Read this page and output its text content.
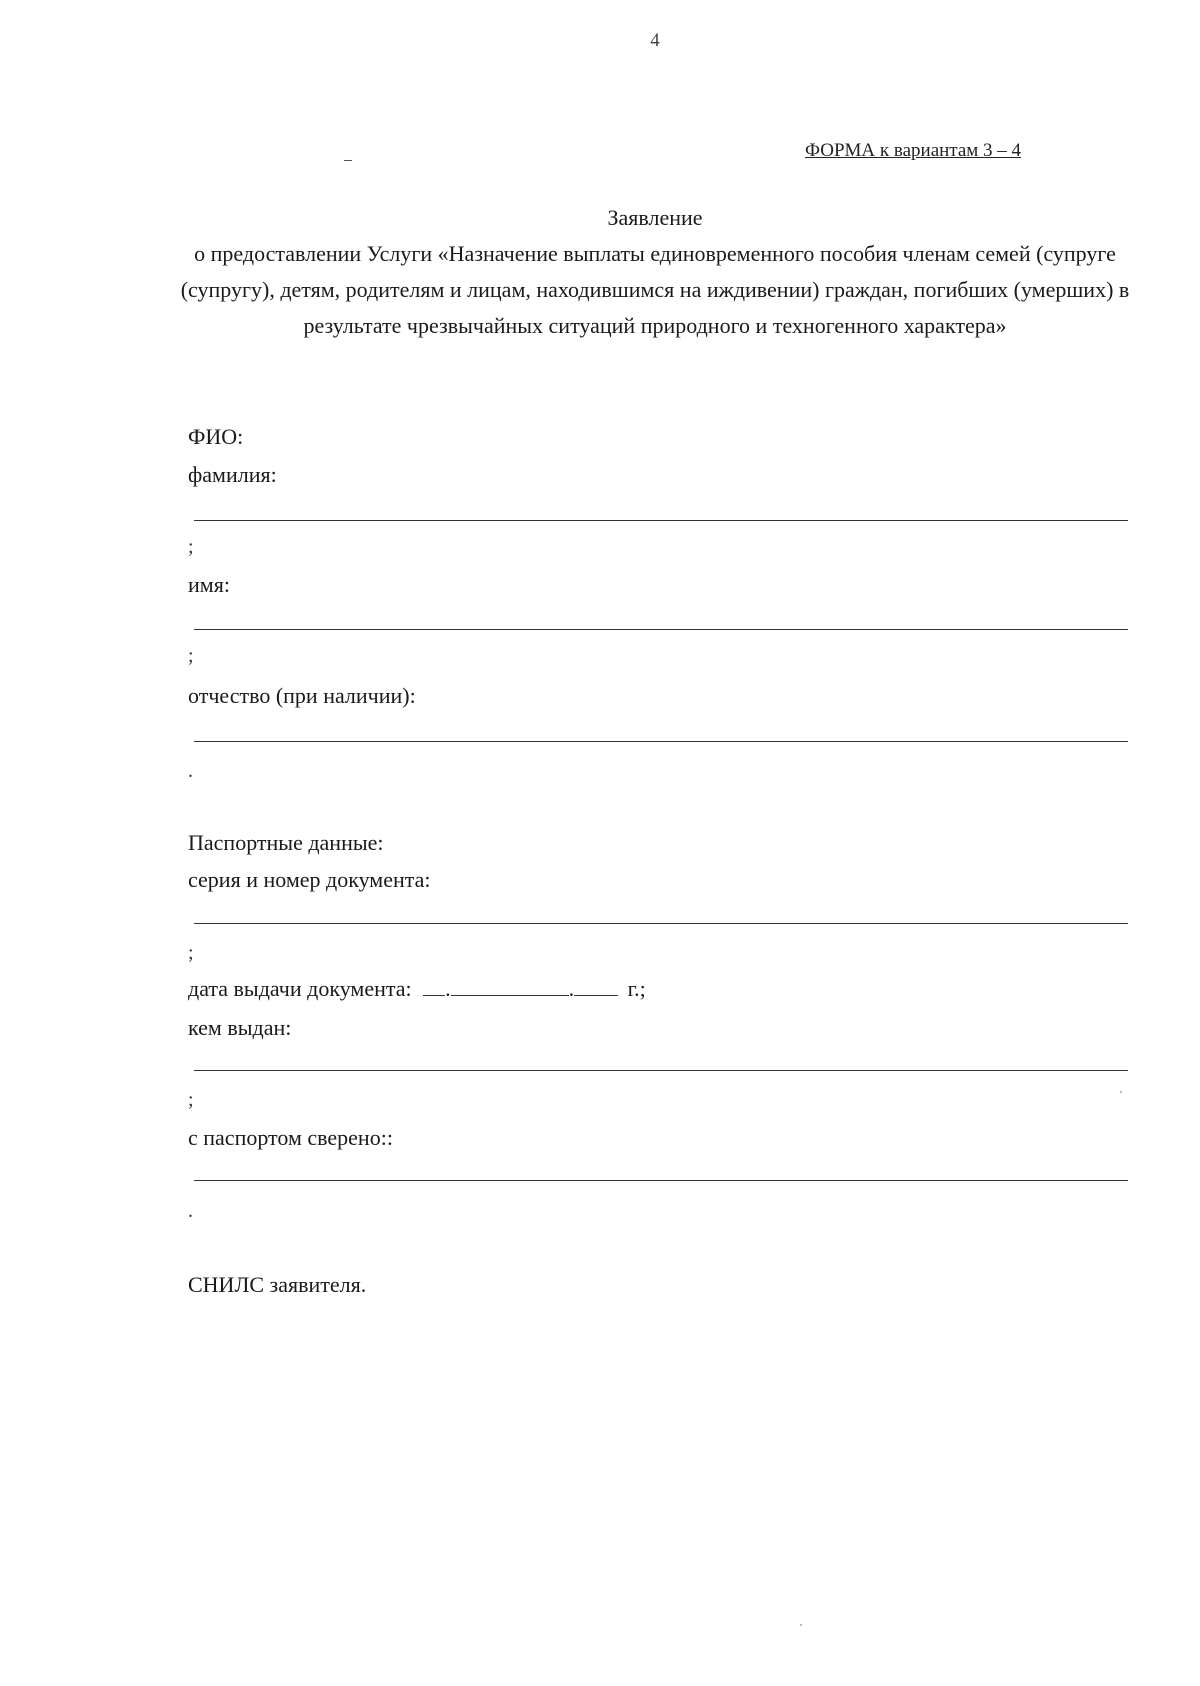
4
ФОРМА к вариантам 3 – 4
Заявление
о предоставлении Услуги «Назначение выплаты единовременного пособия членам семей (супруге (супругу), детям, родителям и лицам, находившимся на иждивении) граждан, погибших (умерших) в результате чрезвычайных ситуаций природного и техногенного характера»
ФИО:
фамилия:
;
имя:
;
отчество (при наличии):
.
Паспортные данные:
серия и номер документа:
;
дата выдачи документа: .	. г.;
кем выдан:
;
с паспортом сверено::
.
СНИЛС заявителя.
